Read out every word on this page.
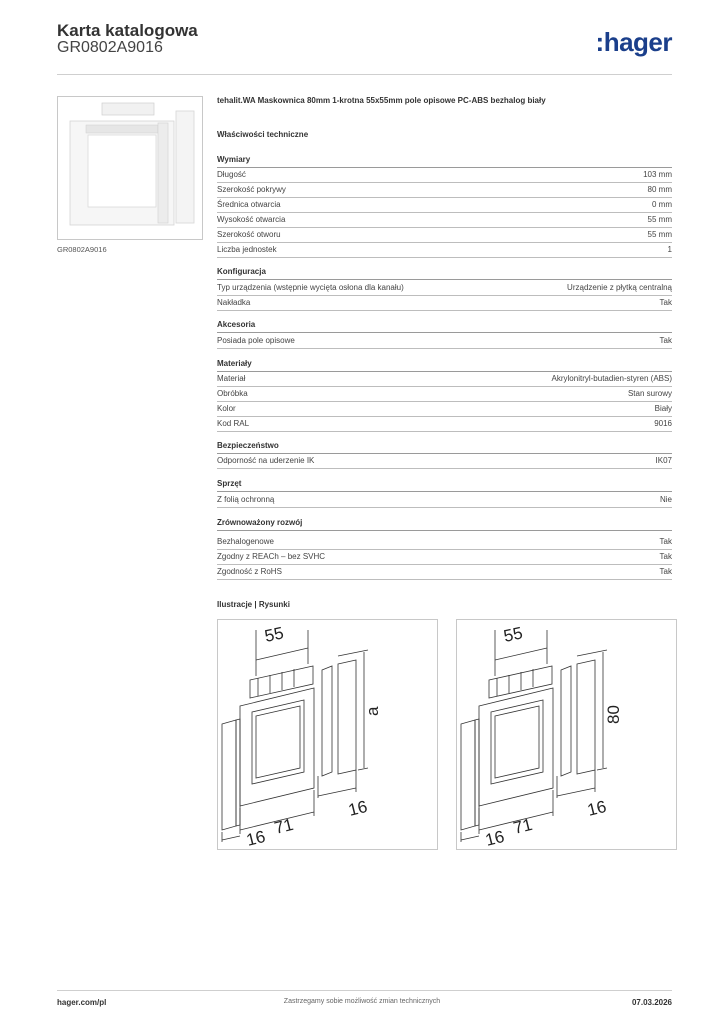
Karta katalogowa
GR0802A9016	:hager
GR0802A9016
tehalit.WA Maskownica 80mm 1-krotna 55x55mm pole opisowe PC-ABS bezhalog biały
Właściwości techniczne
Wymiary
Długość	103 mm
Szerokość pokrywy	80 mm
Średnica otwarcia	0 mm
Wysokość otwarcia	55 mm
Szerokość otworu	55 mm
Liczba jednostek	1
Konfiguracja
Typ urządzenia (wstępnie wycięta osłona dla kanału)	Urządzenie z płytką centralną
Nakładka	Tak
Akcesoria
Posiada pole opisowe	Tak
Materiały
Materiał	Akrylonitryl-butadien-styren (ABS)
Obróbka	Stan surowy
Kolor	Biały
Kod RAL	9016
Bezpieczeństwo
Odporność na uderzenie IK	IK07
Sprzęt
Z folią ochronną	Nie
Zrównoważony rozwój
Bezhalogenowe	Tak
Zgodny z REACh – bez SVHC	Tak
Zgodność z RoHS	Tak
Ilustracje | Rysunki
55
a
16
71
16
55
80
16
71
16
hager.com/pl	Zastrzegamy sobie możliwość zmian technicznych	07.03.2026
